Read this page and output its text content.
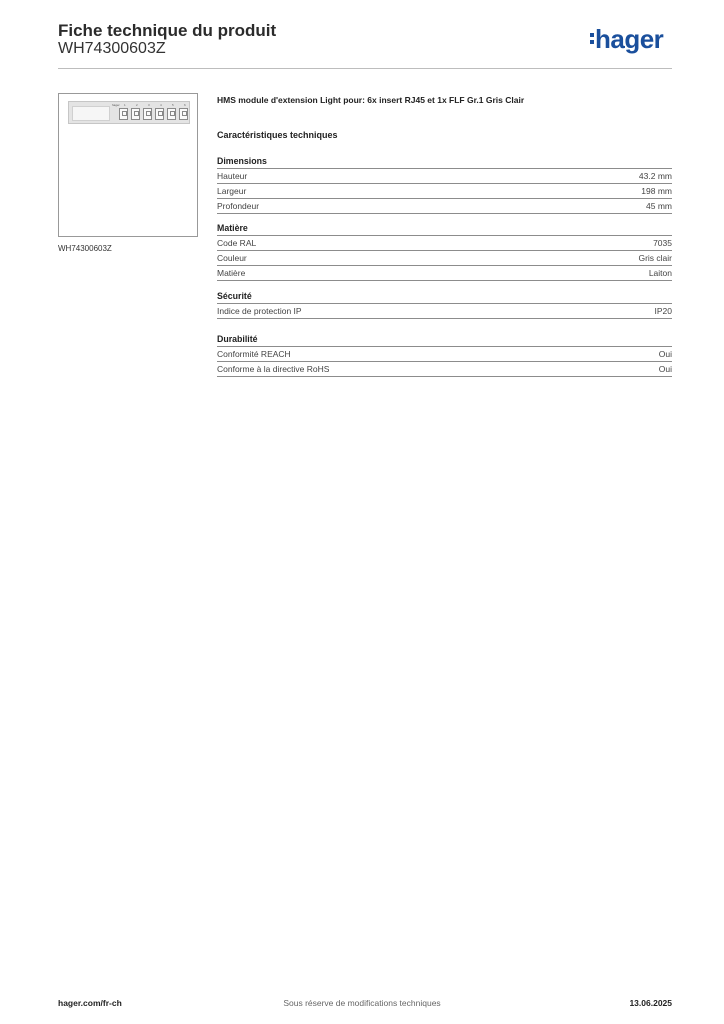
Fiche technique du produit
WH74300603Z	hager
hager 1	2	3	4	5	6
WH74300603Z
HMS module d'extension Light pour: 6x insert RJ45 et 1x FLF Gr.1 Gris Clair
Caractéristiques techniques
Dimensions
Hauteur	43.2 mm
Largeur	198 mm
Profondeur	45 mm
Matière
Code RAL	7035
Couleur	Gris clair
Matière	Laiton
Sécurité
Indice de protection IP	IP20
Durabilité
Conformité REACH	Oui
Conforme à la directive RoHS	Oui
hager.com/fr-ch	Sous réserve de modifications techniques	13.06.2025
